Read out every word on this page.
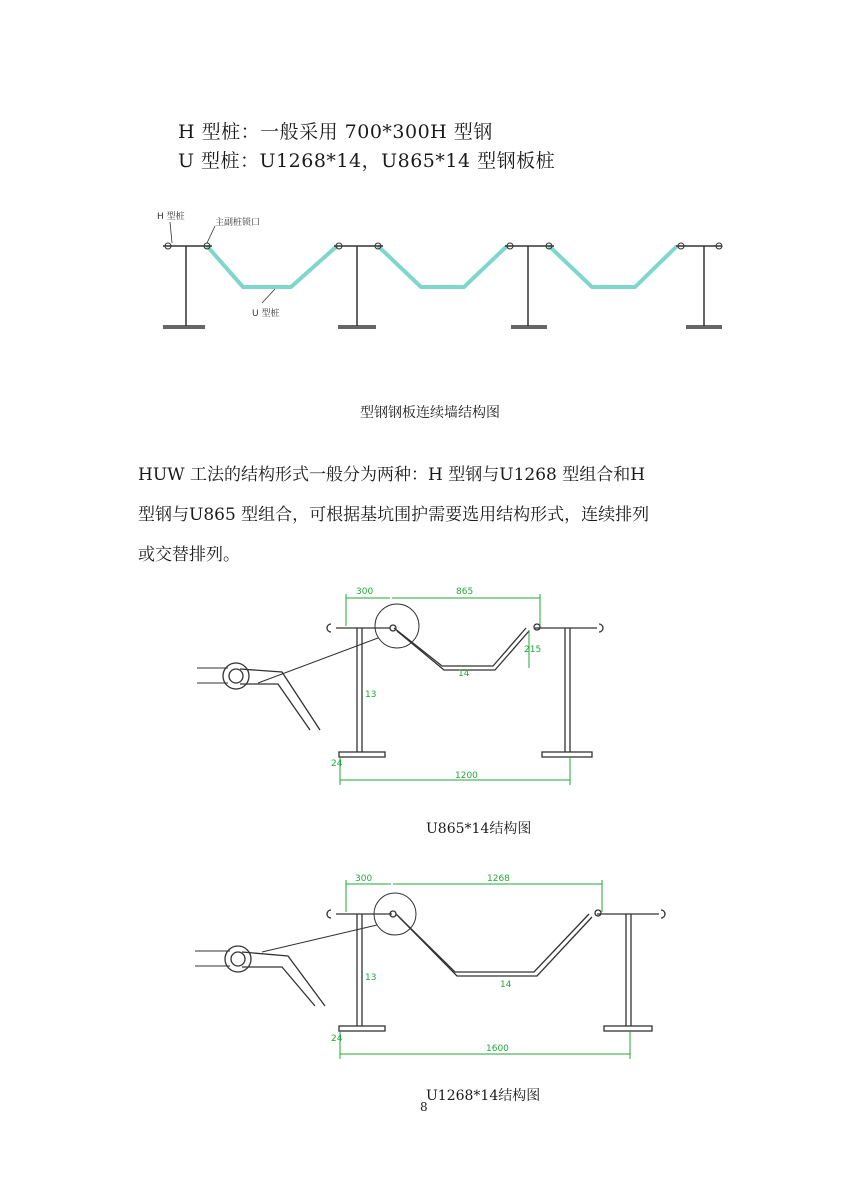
H 型桩：一般采用 700*300H 型钢
U 型桩：U1268*14，U865*14 型钢板桩
H 型桩
主副桩锁口
U 型桩
型钢钢板连续墙结构图
HUW 工法的结构形式一般分为两种：H 型钢与U1268 型组合和H
型钢与U865 型组合，可根据基坑围护需要选用结构形式，连续排列
或交替排列。
300	865
215
14
13
24
1200
U865*14结构图
300	1268
14
13
24
1600
U1268*14结构图
8
